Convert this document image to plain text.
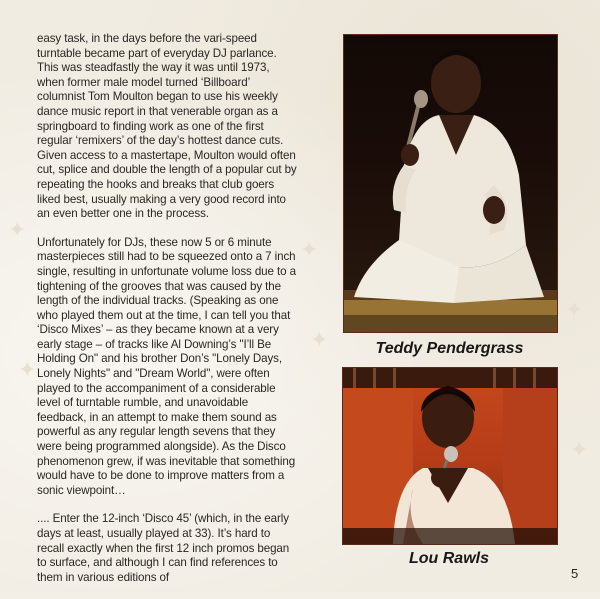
✦
✦
✦
✦
✦
✦

easy task, in the days before the vari-speed turntable became part of everyday DJ parlance. This was steadfastly the way it was until 1973, when former male model turned ‘Billboard’ columnist Tom Moulton began to use his weekly dance music report in that venerable organ as a springboard to finding work as one of the first regular ‘remixers’ of the day’s hottest dance cuts. Given access to a mastertape, Moulton would often cut, splice and double the length of a popular cut by repeating the hooks and breaks that club goers liked best, usually making a very good record into an even better one in the process.

Unfortunately for DJs, these now 5 or 6 minute masterpieces still had to be squeezed onto a 7 inch single, resulting in unfortunate volume loss due to a tightening of the grooves that was caused by the length of the individual tracks. (Speaking as one who played them out at the time, I can tell you that ‘Disco Mixes’ – as they became known at a very early stage – of tracks like Al Downing’s "I’ll Be Holding On" and his brother Don’s "Lonely Days, Lonely Nights" and "Dream World", were often played to the accompaniment of a considerable level of turntable rumble, and unavoidable feedback, in an attempt to make them sound as powerful as any regular length sevens that they were being programmed alongside). As the Disco phenomenon grew, if was inevitable that something would have to be done to improve matters from a sonic viewpoint…

.... Enter the 12-inch ‘Disco 45’ (which, in the early days at least, usually played at 33). It’s hard to recall exactly when the first 12 inch promos began to surface, and although I can find references to them in various editions of

Teddy Pendergrass
Lou Rawls
5
